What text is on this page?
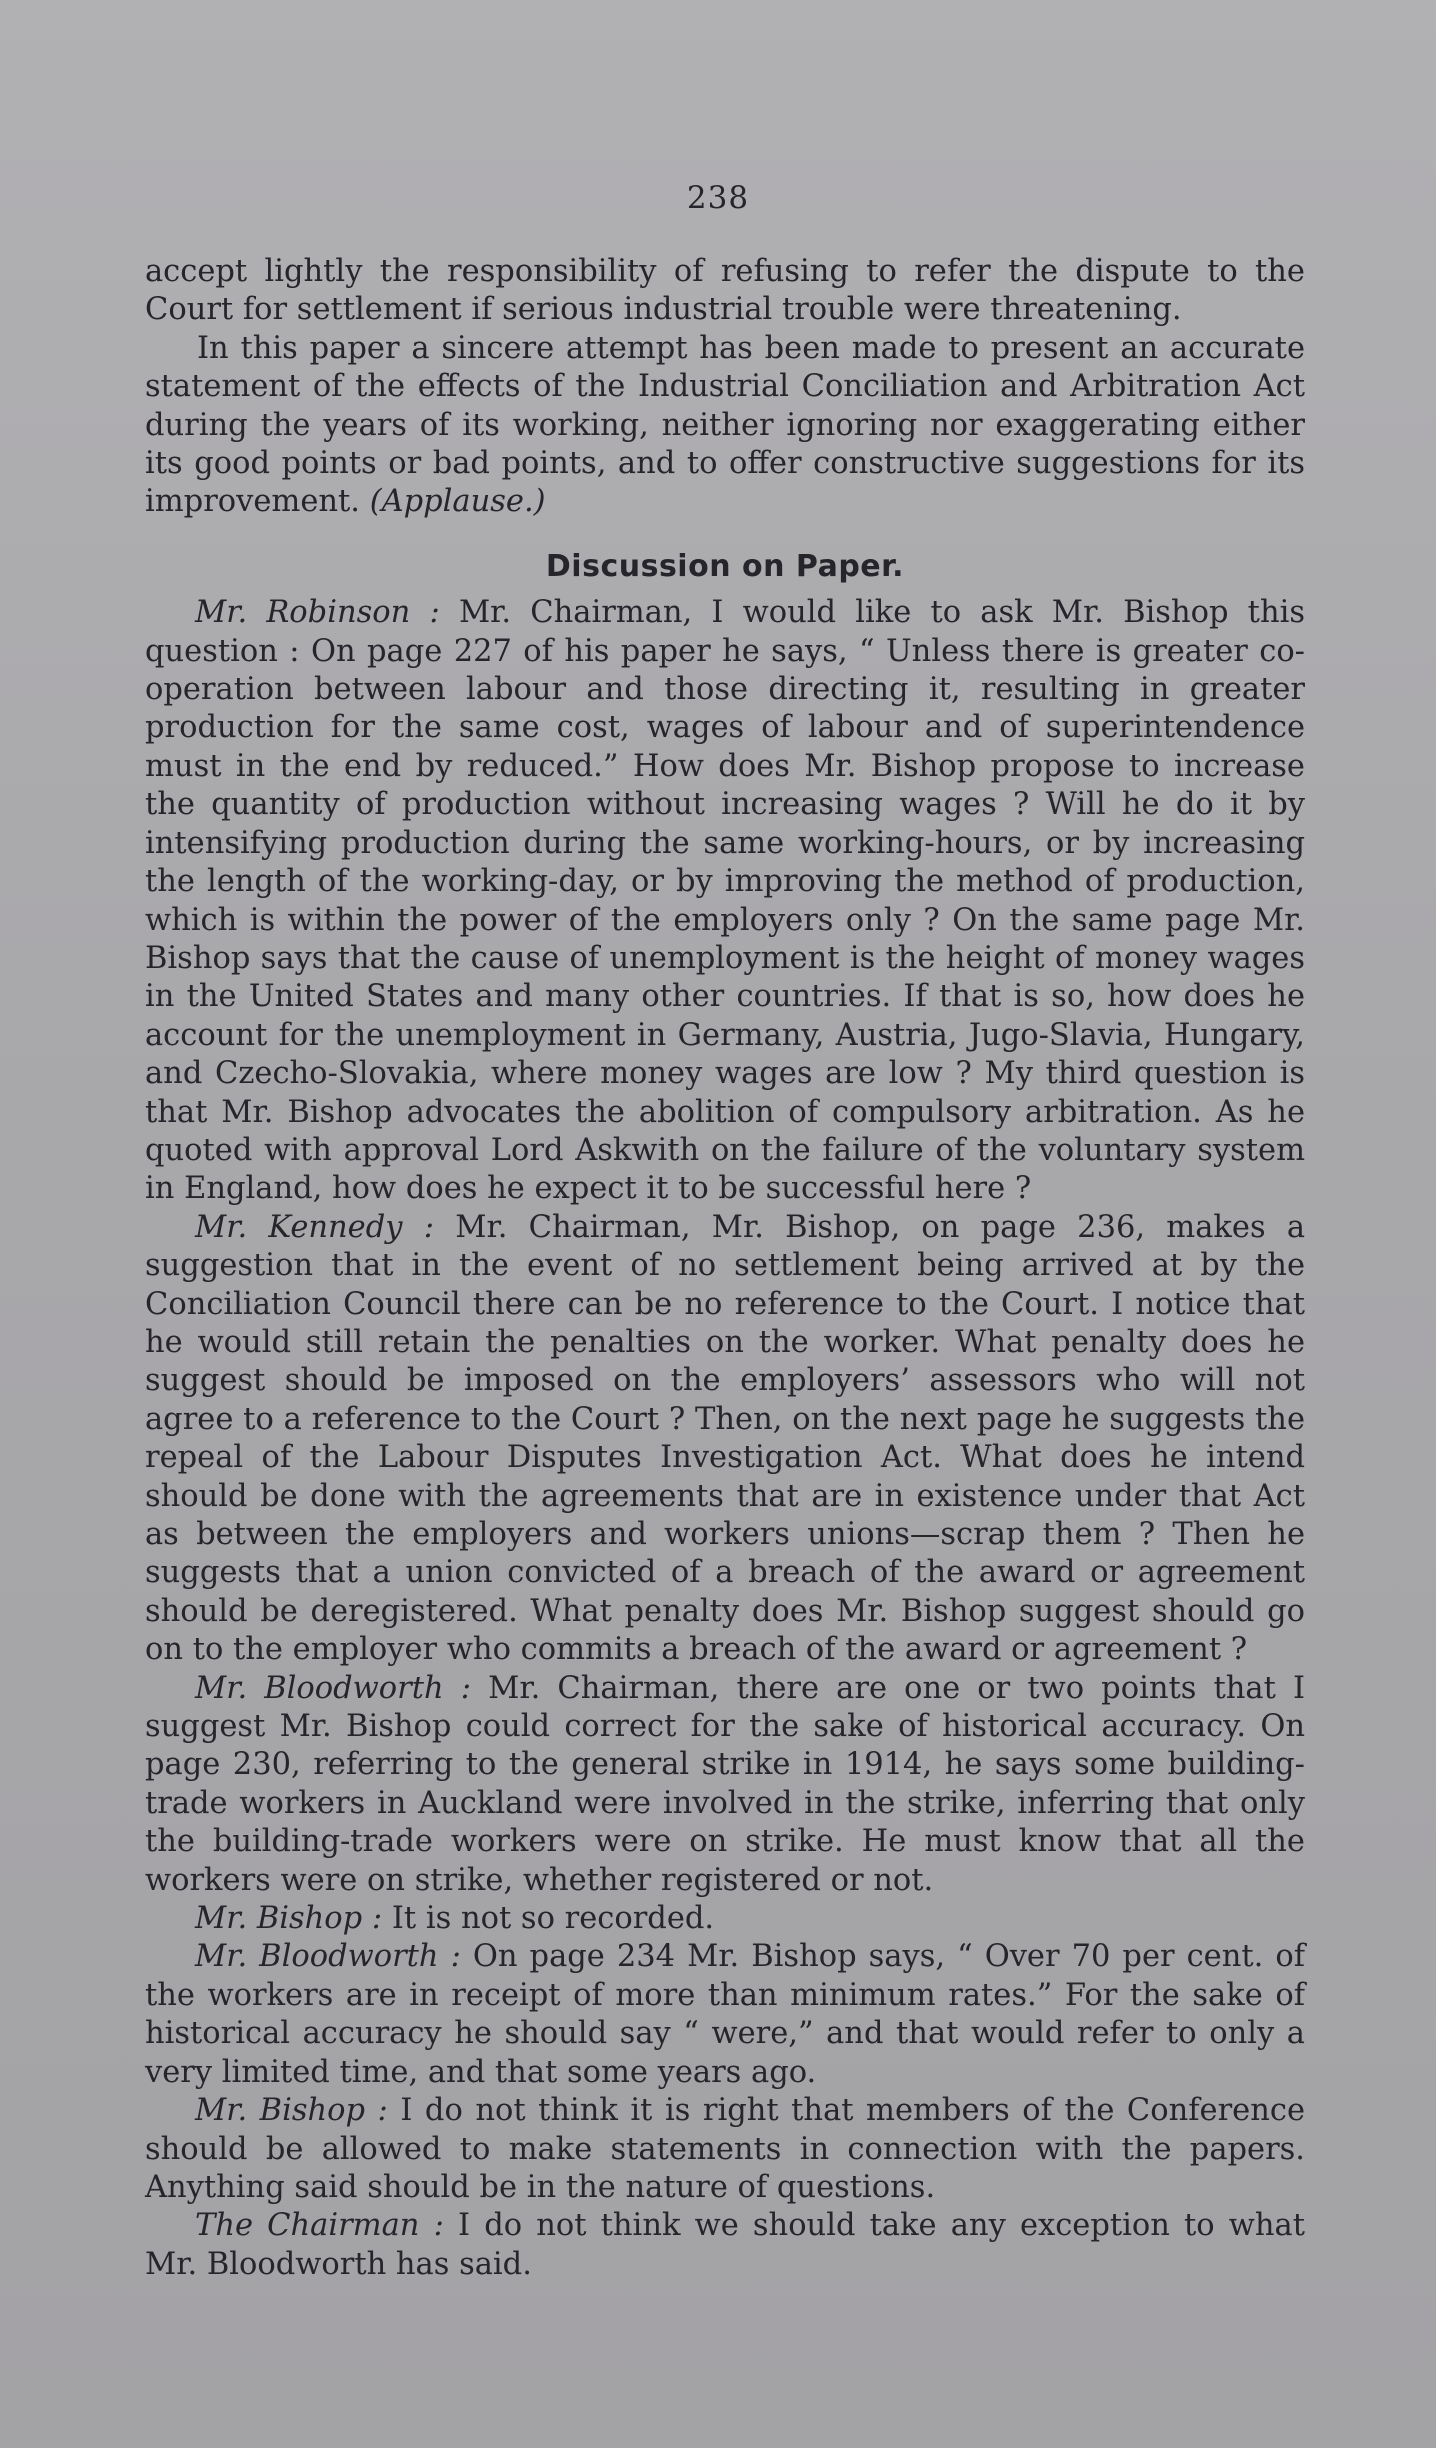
238

accept lightly the responsibility of refusing to refer the dispute to the Court for settlement if serious industrial trouble were threatening.

In this paper a sincere attempt has been made to present an accurate statement of the effects of the Industrial Conciliation and Arbitration Act during the years of its working, neither ignoring nor exaggerating either its good points or bad points, and to offer constructive suggestions for its improvement. (Applause.)

Discussion on Paper.

Mr. Robinson : Mr. Chairman, I would like to ask Mr. Bishop this question : On page 227 of his paper he says, “ Unless there is greater co-operation between labour and those directing it, resulting in greater production for the same cost, wages of labour and of superintendence must in the end by reduced.” How does Mr. Bishop propose to increase the quantity of production without increasing wages ? Will he do it by intensifying production during the same working-hours, or by increasing the length of the working-day, or by improving the method of production, which is within the power of the employers only ? On the same page Mr. Bishop says that the cause of unemployment is the height of money wages in the United States and many other countries. If that is so, how does he account for the unemployment in Germany, Austria, Jugo-Slavia, Hungary, and Czecho-Slovakia, where money wages are low ? My third question is that Mr. Bishop advocates the abolition of compulsory arbitration. As he quoted with approval Lord Askwith on the failure of the voluntary system in England, how does he expect it to be successful here ?

Mr. Kennedy : Mr. Chairman, Mr. Bishop, on page 236, makes a suggestion that in the event of no settlement being arrived at by the Conciliation Council there can be no reference to the Court. I notice that he would still retain the penalties on the worker. What penalty does he suggest should be imposed on the employers’ assessors who will not agree to a reference to the Court ? Then, on the next page he suggests the repeal of the Labour Disputes Investigation Act. What does he intend should be done with the agreements that are in existence under that Act as between the employers and workers unions—scrap them ? Then he suggests that a union convicted of a breach of the award or agreement should be deregistered. What penalty does Mr. Bishop suggest should go on to the employer who commits a breach of the award or agreement ?

Mr. Bloodworth : Mr. Chairman, there are one or two points that I suggest Mr. Bishop could correct for the sake of historical accuracy. On page 230, referring to the general strike in 1914, he says some building-trade workers in Auckland were involved in the strike, inferring that only the building-trade workers were on strike. He must know that all the workers were on strike, whether registered or not.

Mr. Bishop : It is not so recorded.

Mr. Bloodworth : On page 234 Mr. Bishop says, “ Over 70 per cent. of the workers are in receipt of more than minimum rates.” For the sake of historical accuracy he should say “ were,” and that would refer to only a very limited time, and that some years ago.

Mr. Bishop : I do not think it is right that members of the Conference should be allowed to make statements in connection with the papers. Anything said should be in the nature of questions.

The Chairman : I do not think we should take any exception to what Mr. Bloodworth has said.
